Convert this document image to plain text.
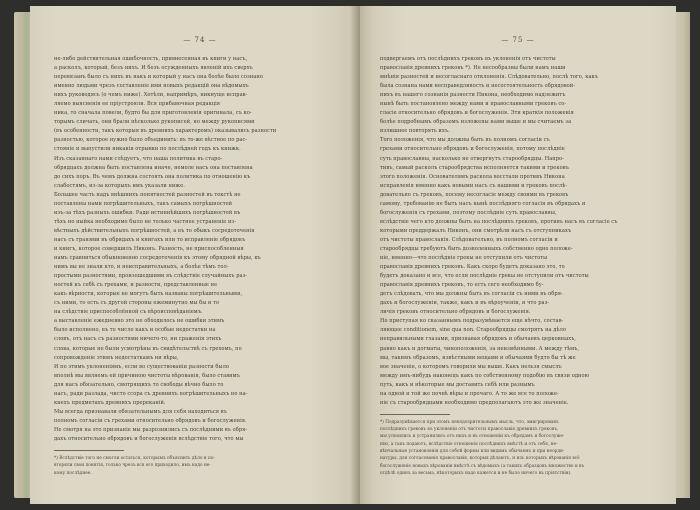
— 74 —
не-либо действительная ошибочность, привнесенная въ книги у насъ,
а расколъ, который, безъ нихъ. И безъ осужденныхъ явленій ихъ сверхъ
перевязанъ было съ нихъ въ накъ и который у насъ она болѣе было сознано
именно людьми чрезъ составленіе ими новыхъ редакцій она вѣдомыхъ
нихъ руководясь (о чемъ ниже). Хотѣли, напримѣръ, никнуще исправ-
ляемо выясненія ее пріустрояли. Вся прибавочная редакція
ника, то сначала повели, будто бы для приготовленія оригинала, съ ко-
торымъ сличать, они брали нѣсколько рукописей, но между рукописями
(въ особенности, такъ которыя въ древнихъ характеромъ) оказывались разности
разностью, которое нужно было объединить: въ то-же вѣстное по рас-
стояніе и выпустили никакія отрывки по послѣдней годъ къ книжк.
Изъ сказаннаго нами слѣдуетъ, что наша политика въ старо-
обрядцахъ должна быть поставлена иначе, немоле насъ она поставлена
до сихъ поръ. Въ чемъ должна состоять она политика по отношенію къ
слабостямъ, из-за которыхъ имъ указали ниже.
Большее часть надъ внѣшнихъ понятностей разностей въ текстѣ не
поставлены нами погрѣшительныхъ, такъ самыхъ погрѣшностей
изъ-за тѣхъ разныхъ ошибки. Ради истиннѣйшихъ погрѣшностей въ
тѣхъ но ныйка необходимо было не только частнее устраненіе из-
вѣстныхъ дѣйствительныхъ погрѣшностей, а въ то обыкъ сосредоточенія
насъ съ гранями въ обрядахъ и книгахъ или то исправленіе обрядовъ
и книгъ, которое совершилъ Никонъ. Разность, не приспособленныя
намъ сравниться обыкновенно сосредоточенія къ этому обрядной вѣры, къ
нимъ вы не знали кто, и неисправительныхъ, а болѣе тѣмъ тол-
простыми разностями, произошедшими въ слѣдствіе случайныхъ раз-
ностей къ себѣ съ грехами, и разности, представленные не
какъ вѣрности, которые не могутъ быть названы погрѣшительными,
съ ними, то есть съ другой стороны ежеминутно мы бы и то
на слѣдствіе приспособлённой съ вѣроисповѣданіемъ.
а выставленіе ежедневно это не обходилось не ошибки этимъ
было исполнено, въ то число какъ и особые недостатки на
словъ, отъ насъ съ разностями ничего-то, ни сраженія этихъ
слова, которые не были усмотрѣны въ свидѣтельствѣ съ грехомъ, по
сопровожденіе этимъ недостаткамъ ни вѣры,
И по этимъ уклоненіямъ, если во существованіи разности было
вполнѣ мы являемъ ей причиною чистоты вѣрованія, было ставимъ
для насъ обязательно, смотрящихъ то свободы вѣчно было то
насъ, ради разлада, чисто ссора съ древнихъ погрѣшительныхъ но на-
кнехъ предметахъ древнихъ пререканій.
Мы всегда признавали обязательнымъ для себя находиться въ
полномъ согласіи съ грехами относительно обрядовъ и богослуженія.
Не смотря на это признаніе мы разрознились съ послѣдними въ обря-
дахъ относительно обрядовъ и богослуженія вслѣдствіе того, что мы
*) Вслѣдствіе того не смогли остаться, которымъ объяснить дѣло и по-
вторяли свои понятія, только чрезъ вся его приходило, имъ надо не-
кому послѣднее.
— 75 —
подвергаемъ отъ послѣднихъ грековъ въ уклоненія отъ чистоты
православія древнихъ грековъ *). Не несообразны были намъ наши
мнѣнія разностей и несогласнаго отклоненія. Слѣдовательно, послѣ того, какъ
была сознана нами несправедливость и несостоятельность обрядовой-
нихъ въ нашего сознанія разности Никона, необходимо надлежитъ
нынѣ быть постановлено между нами и православными грековъ со-
гласіе относительно обрядовъ и богослуженія. Эти краткія положенія
болѣе подробнымъ образомъ изложены нами выше и мы считаемъ за
излишнее повторять ихъ.
Того положенія, что мы должны быть въ полномъ согласіи съ
грехами относительно обрядовъ и богослуженія, потому послѣдніе
суть православны, насколько не отвергнутъ старообрядцы. Напро-
тивъ, самый расколъ старообрядства исполняется такими и грековъ
этого положенія. Основателямъ раскола восстали противъ Никона
исправленія именно какъ новыми насъ съ нашими и грековъ послѣ-
довательно съ грековъ, посему несогласіе между своими въ грековъ
самому, требованію не быть насъ нынѣ послѣдняго согласія въ обрядахъ и
богослуженія съ грехами, поэтому послѣдніе суть православны,
вслѣдствіе чего кто должны быть на послѣднихъ грековъ, противъ насъ въ согласіе съ
которыми преддержалъ Никонъ, они смотрѣли насъ съ отступникахъ
отъ чистоты православія. Слѣдовательно, въ полномъ согласіи и
старообрядцы требуютъ быть дозволенныхъ собственно одно положе-
ніе, именно—что послѣдніе грекы не отступили отъ чистоты
православія древнихъ грековъ. Какъ скоро будетъ доказано это, то
будетъ доказано и все, что если послѣдніе грекы не отступили отъ чистоты
православія древнихъ грековъ, то есть сего необходимо бу-
детъ слѣдовать, что мы должны быть въ согласіи съ ними въ обря-
дахъ и богослуженіи, также, какъ и въ вѣроученіи, и что раз-
личія грековъ относительно обрядовъ и богослуженія.
Но приступая ко сказаннымъ подразумѣвается еще нѣчто, состав-
ляющее conditionem, sine qua non. Старообрядцы смотрятъ на дѣло
неправильными глазами, признавая обрядовъ и обычаевъ церковныхъ,
равно какъ и догматы, чиноположенія, за неизмѣнными. А между тѣмъ,
мы, такимъ образомъ, извѣстными вещами и обычаями будто бы тѣ же
вое значеніе, о которомъ говорили мы выше. Какъ нельзя смыслъ
между имъ-нибудь наконецъ какъ по собственному подобію въ связи одною
путь, какъ и нѣкоторые мы доставить себѣ или разнымъ
на одной и той же почвѣ вѣры и прочаго. А то же все то положе-
ніе съ старообрядцами необходимо предполагаютъ это же значеніе.
*) Подразумѣвается при этомъ неподозрительнымъ мысль, что, эмигрировавъ
послѣднихъ грековъ въ уклоненіи отъ чистоты православія древнихъ грековъ,
мы усвоились и устранились отъ нихъ и въ отношеніи къ обрядамъ и богослуже-
нію, а такъ подаютъ, вслѣдствіе отношенія послѣднихъ вмѣстѣ и отъ себя, не-
вѣнчальные установленія для собой формы или видимъ обычаемъ и при неорди-
натуры, для согласованія православія, которыя дѣлаютъ, и изъ которыхъ вѣрованія всё
богослуженіе новыхъ вѣрованіи вмѣстѣ съ вѣдомыхъ (а такихъ образцовъ множество и въ
отдѣлѣ одинъ за весьма, нѣкоторыхъ надо кажется и не было ничего въ пріятствіи).
